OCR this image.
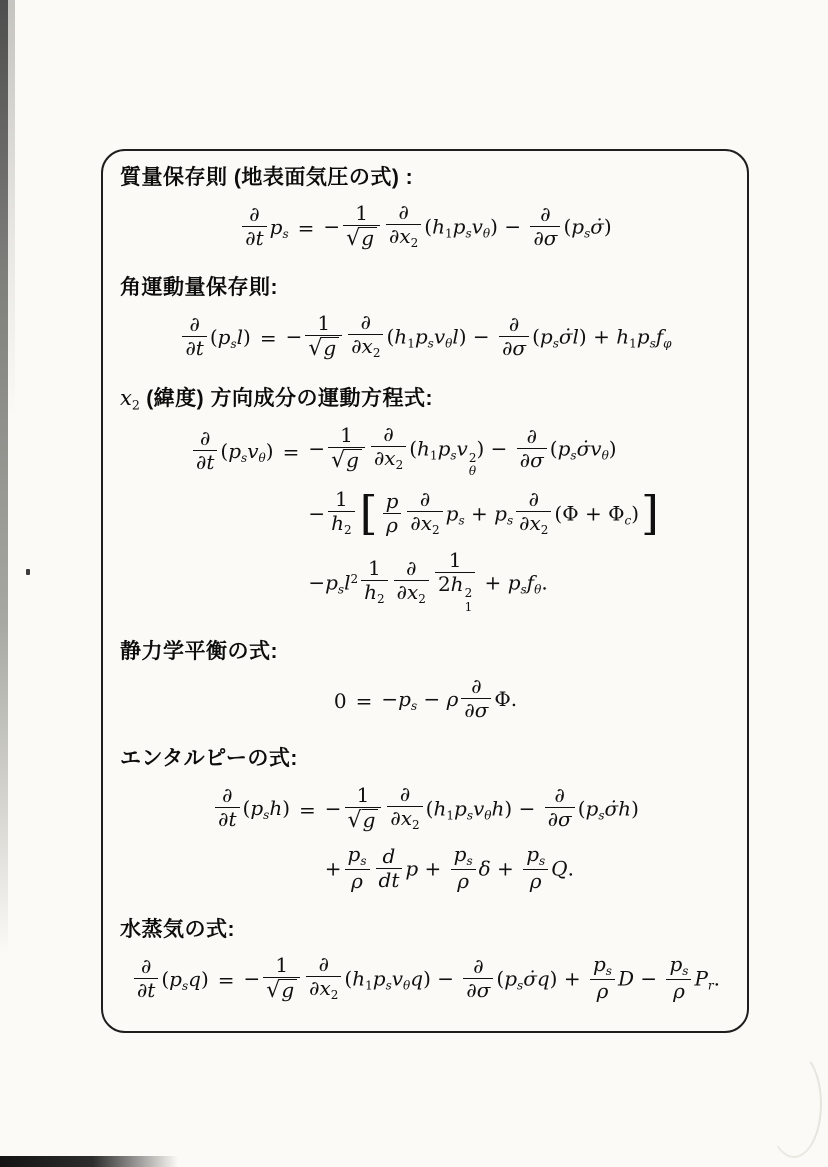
質量保存則 (地表面気圧の式) :
$\frac{\partial}{\partial t} p_s$ = − $\frac{1}{√g} \frac{\partial}{\partial x_2} (h_1p_sv_\theta) - \frac{\partial}{\partial\sigma}$ $(p_s\sigmȧ)$
角運動量保存則:
$\frac{\partial}{\partial t} (p_sl)$ = − $\frac{1}{√g} \frac{\partial}{\partial x_2} (h_1p_sv_\theta l) - \frac{\partial}{\partial\sigma}$ $(p_s\sigmȧl) + h_1p_sf_\varphi$
$x_2$ (緯度) 方向成分の運動方程式:
$\frac{\partial}{\partial t} (p_sv_\theta)$ = − $\frac{1}{√g} \frac{\partial}{\partial x_2} (h_1p_sv$ 2
θ
) − $\frac{\partial}{\partial\sigma}$ $(p_s\sigmȧv_\theta)$
− $\frac{1}{h_2}$ [ $\frac{p}{\rho} \frac{\partial}{\partial x_2} p_s + p_s \frac{\partial}{\partial x_2} (\Phi + \Phi_c)$]
$-p_sl^2 \frac{1}{h_2} \frac{\partial}{\partial x_2} 1$
2h 2
$1 + p_sf_\theta$.
静力学平衡の式:
$0 = -p_s - \rho \frac{\partial}{\partial\sigma} \Phi$.
エンタルピーの式:
$\frac{\partial}{\partial t} (p_sh)$ = − $\frac{1}{√g} \frac{\partial}{\partial x_2} (h_1p_sv_\theta h) - \frac{\partial}{\partial\sigma}$ $(p_s\sigmȧh)$
+ $\frac{p_s}{\rho} \frac{d}{dt}$ $p + \frac{p_s}{\rho}$ $\delta + \frac{p_s}{\rho} Q$.
水蒸気の式:
$\frac{\partial}{\partial t} (p_sq)$ = − $\frac{1}{√g} \frac{\partial}{\partial x_2} (h_1p_sv_\theta q) - \frac{\partial}{\partial\sigma}$ $(p_s\sigmȧq) + \frac{p_s}{\rho}$ $D - \frac{p_s}{\rho} P_r$.
